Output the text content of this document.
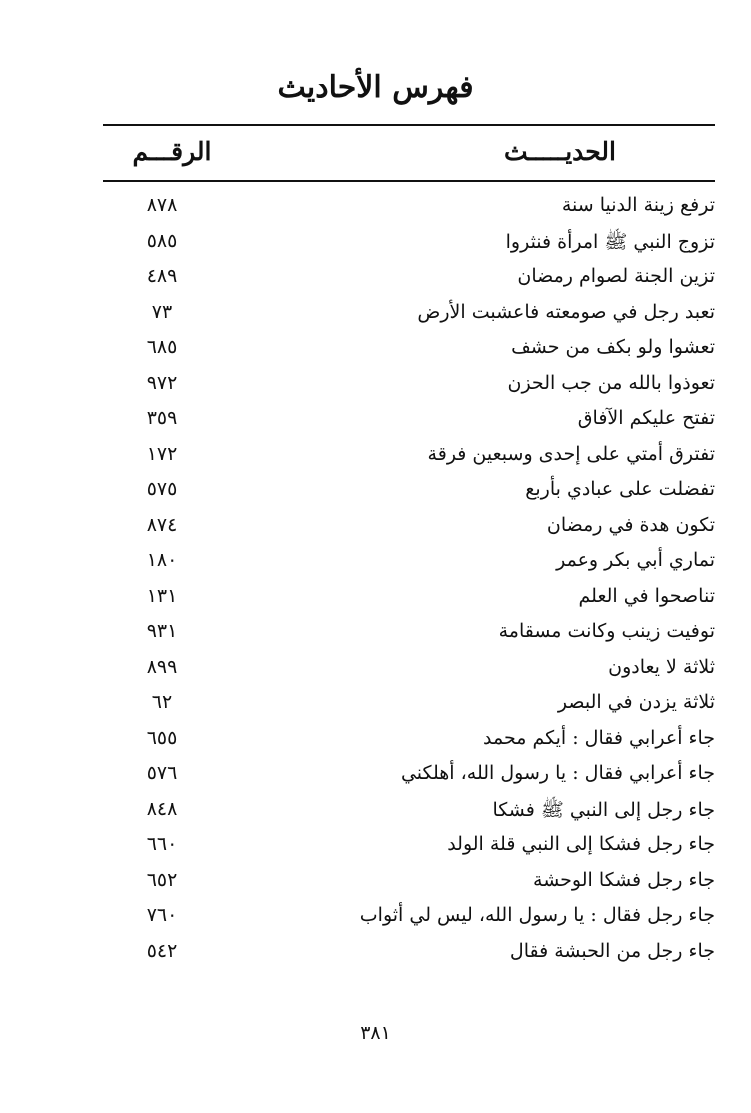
فهرس الأحاديث
الحديـــــث
الرقـــم
ترفع زينة الدنيا سنة
٨٧٨
تزوج النبي ﷺ امرأة فنثروا
٥٨٥
تزين الجنة لصوام رمضان
٤٨٩
تعبد رجل في صومعته فاعشبت الأرض
٧٣
تعشوا ولو بكف من حشف
٦٨٥
تعوذوا بالله من جب الحزن
٩٧٢
تفتح عليكم الآفاق
٣٥٩
تفترق أمتي على إحدى وسبعين فرقة
١٧٢
تفضلت على عبادي بأربع
٥٧٥
تكون هدة في رمضان
٨٧٤
تماري أبي بكر وعمر
١٨٠
تناصحوا في العلم
١٣١
توفيت زينب وكانت مسقامة
٩٣١
ثلاثة لا يعادون
٨٩٩
ثلاثة يزدن في البصر
٦٢
جاء أعرابي فقال : أيكم محمد
٦٥٥
جاء أعرابي فقال : يا رسول الله، أهلكني
٥٧٦
جاء رجل إلى النبي ﷺ فشكا
٨٤٨
جاء رجل فشكا إلى النبي قلة الولد
٦٦٠
جاء رجل فشكا الوحشة
٦٥٢
جاء رجل فقال : يا رسول الله، ليس لي أثواب
٧٦٠
جاء رجل من الحبشة فقال
٥٤٢
٣٨١
